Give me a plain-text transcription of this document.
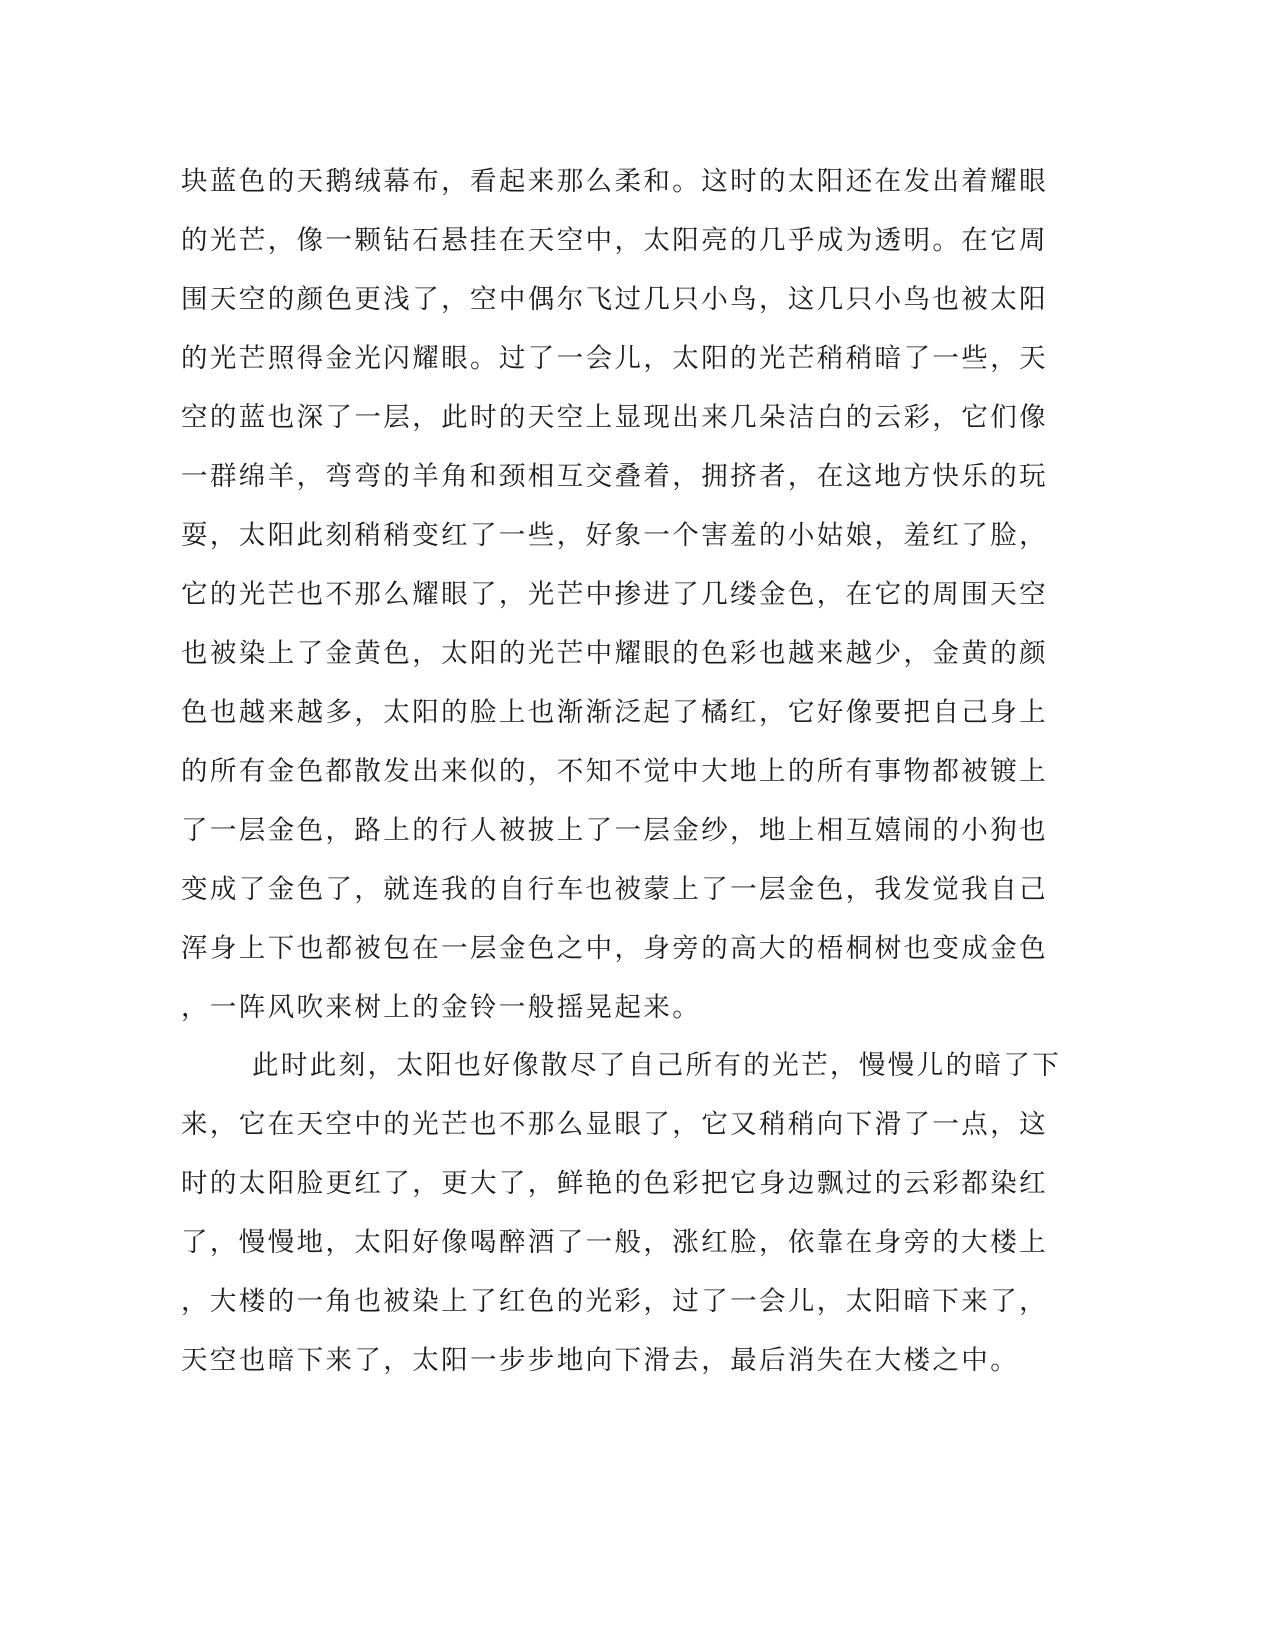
块蓝色的天鹅绒幕布，看起来那么柔和。这时的太阳还在发出着耀眼
的光芒，像一颗钻石悬挂在天空中，太阳亮的几乎成为透明。在它周
围天空的颜色更浅了，空中偶尔飞过几只小鸟，这几只小鸟也被太阳
的光芒照得金光闪耀眼。过了一会儿，太阳的光芒稍稍暗了一些，天
空的蓝也深了一层，此时的天空上显现出来几朵洁白的云彩，它们像
一群绵羊，弯弯的羊角和颈相互交叠着，拥挤者，在这地方快乐的玩
耍，太阳此刻稍稍变红了一些，好象一个害羞的小姑娘，羞红了脸，
它的光芒也不那么耀眼了，光芒中掺进了几缕金色，在它的周围天空
也被染上了金黄色，太阳的光芒中耀眼的色彩也越来越少，金黄的颜
色也越来越多，太阳的脸上也渐渐泛起了橘红，它好像要把自己身上
的所有金色都散发出来似的，不知不觉中大地上的所有事物都被镀上
了一层金色，路上的行人被披上了一层金纱，地上相互嬉闹的小狗也
变成了金色了，就连我的自行车也被蒙上了一层金色，我发觉我自己
浑身上下也都被包在一层金色之中，身旁的高大的梧桐树也变成金色
，一阵风吹来树上的金铃一般摇晃起来。
此时此刻，太阳也好像散尽了自己所有的光芒，慢慢儿的暗了下
来，它在天空中的光芒也不那么显眼了，它又稍稍向下滑了一点，这
时的太阳脸更红了，更大了，鲜艳的色彩把它身边飘过的云彩都染红
了，慢慢地，太阳好像喝醉酒了一般，涨红脸，依靠在身旁的大楼上
，大楼的一角也被染上了红色的光彩，过了一会儿，太阳暗下来了，
天空也暗下来了，太阳一步步地向下滑去，最后消失在大楼之中。
